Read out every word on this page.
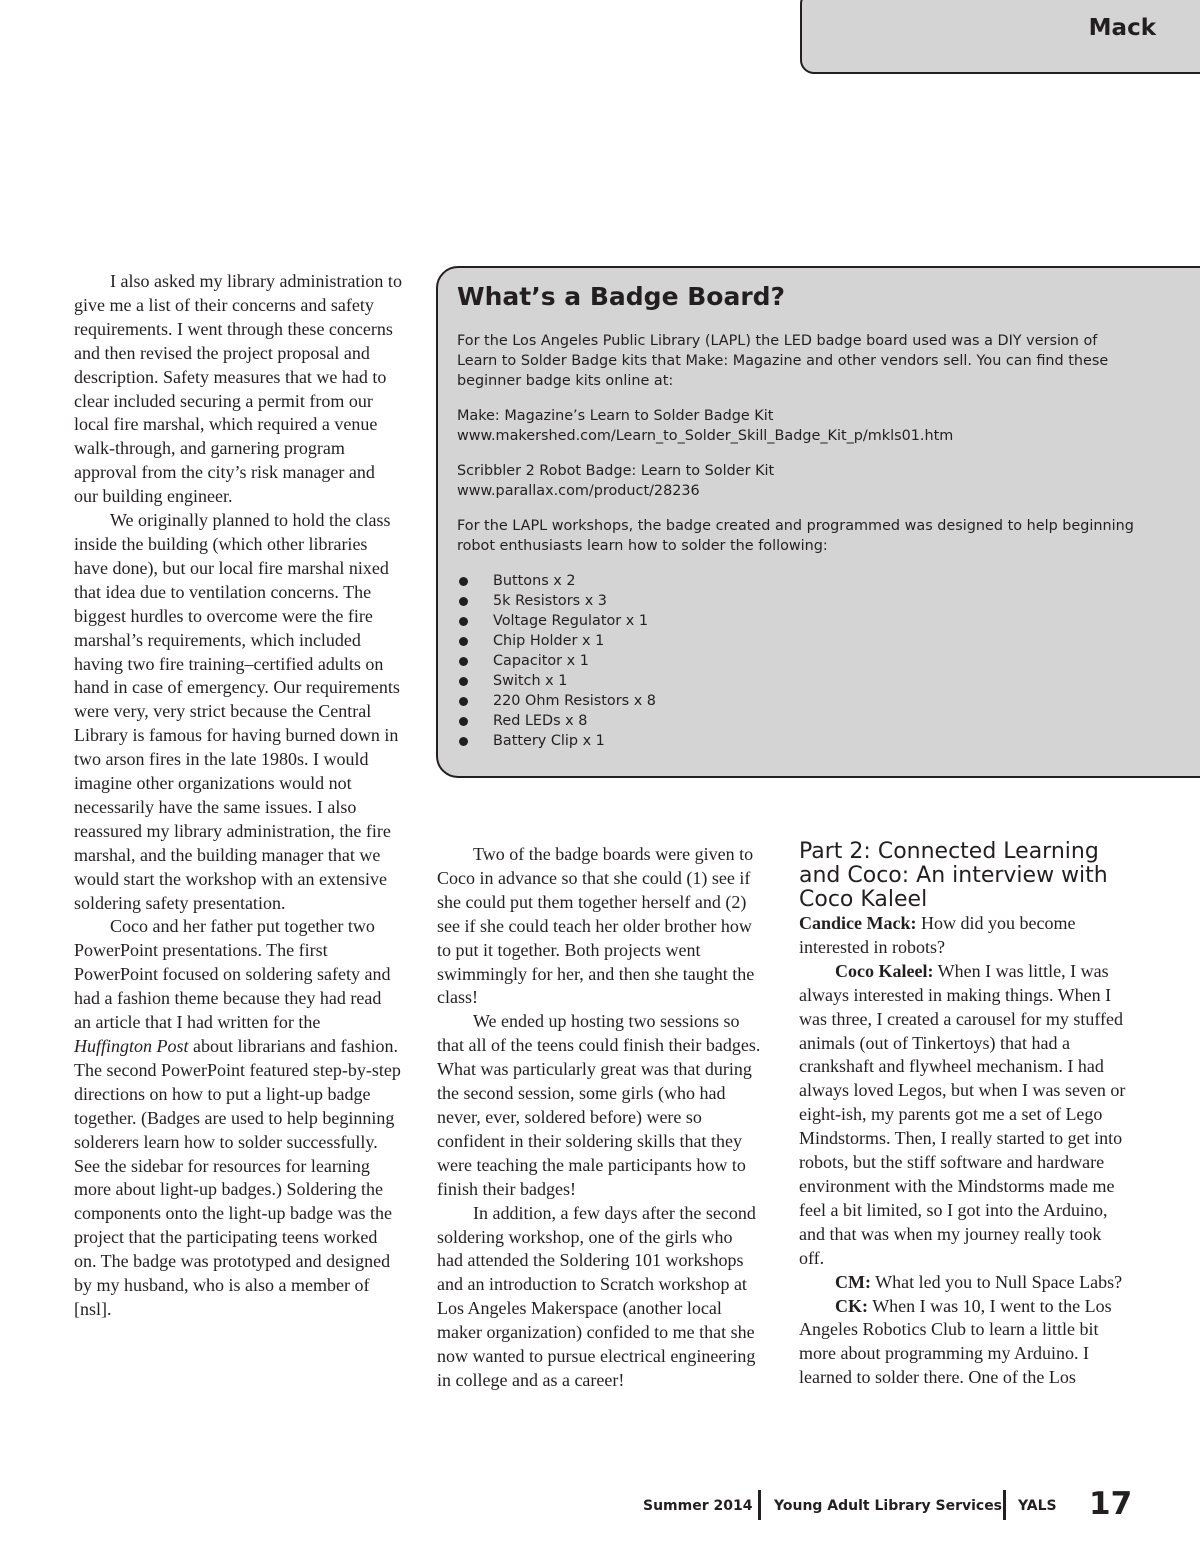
Mack

I also asked my library administration to give me a list of their concerns and safety requirements. I went through these concerns and then revised the project proposal and description. Safety measures that we had to clear included securing a permit from our local fire marshal, which required a venue walk-through, and garnering program approval from the city’s risk manager and our building engineer.

We originally planned to hold the class inside the building (which other libraries have done), but our local fire marshal nixed that idea due to ventilation concerns. The biggest hurdles to overcome were the fire marshal’s requirements, which included having two fire training–certified adults on hand in case of emergency. Our requirements were very, very strict because the Central Library is famous for having burned down in two arson fires in the late 1980s. I would imagine other organizations would not necessarily have the same issues. I also reassured my library administration, the fire marshal, and the building manager that we would start the workshop with an extensive soldering safety presentation.

Coco and her father put together two PowerPoint presentations. The first PowerPoint focused on soldering safety and had a fashion theme because they had read an article that I had written for the Huffington Post about librarians and fashion. The second PowerPoint featured step-by-step directions on how to put a light-up badge together. (Badges are used to help beginning solderers learn how to solder successfully. See the sidebar for resources for learning more about light-up badges.) Soldering the components onto the light-up badge was the project that the participating teens worked on. The badge was prototyped and designed by my husband, who is also a member of [nsl].

What’s a Badge Board?

For the Los Angeles Public Library (LAPL) the LED badge board used was a DIY version of Learn to Solder Badge kits that Make: Magazine and other vendors sell. You can find these beginner badge kits online at:

Make: Magazine’s Learn to Solder Badge Kit
www.makershed.com/Learn_to_Solder_Skill_Badge_Kit_p/mkls01.htm

Scribbler 2 Robot Badge: Learn to Solder Kit
www.parallax.com/product/28236

For the LAPL workshops, the badge created and programmed was designed to help beginning robot enthusiasts learn how to solder the following:

Buttons x 2
5k Resistors x 3
Voltage Regulator x 1
Chip Holder x 1
Capacitor x 1
Switch x 1
220 Ohm Resistors x 8
Red LEDs x 8
Battery Clip x 1

Two of the badge boards were given to Coco in advance so that she could (1) see if she could put them together herself and (2) see if she could teach her older brother how to put it together. Both projects went swimmingly for her, and then she taught the class!

We ended up hosting two sessions so that all of the teens could finish their badges. What was particularly great was that during the second session, some girls (who had never, ever, soldered before) were so confident in their soldering skills that they were teaching the male participants how to finish their badges!

In addition, a few days after the second soldering workshop, one of the girls who had attended the Soldering 101 workshops and an introduction to Scratch workshop at Los Angeles Makerspace (another local maker organization) confided to me that she now wanted to pursue electrical engineering in college and as a career!

Part 2: Connected Learning and Coco: An interview with Coco Kaleel

Candice Mack: How did you become interested in robots?

Coco Kaleel: When I was little, I was always interested in making things. When I was three, I created a carousel for my stuffed animals (out of Tinkertoys) that had a crankshaft and flywheel mechanism. I had always loved Legos, but when I was seven or eight-ish, my parents got me a set of Lego Mindstorms. Then, I really started to get into robots, but the stiff software and hardware environment with the Mindstorms made me feel a bit limited, so I got into the Arduino, and that was when my journey really took off.

CM: What led you to Null Space Labs?

CK: When I was 10, I went to the Los Angeles Robotics Club to learn a little bit more about programming my Arduino. I learned to solder there. One of the Los

Summer 2014 Young Adult Library Services YALS 17
